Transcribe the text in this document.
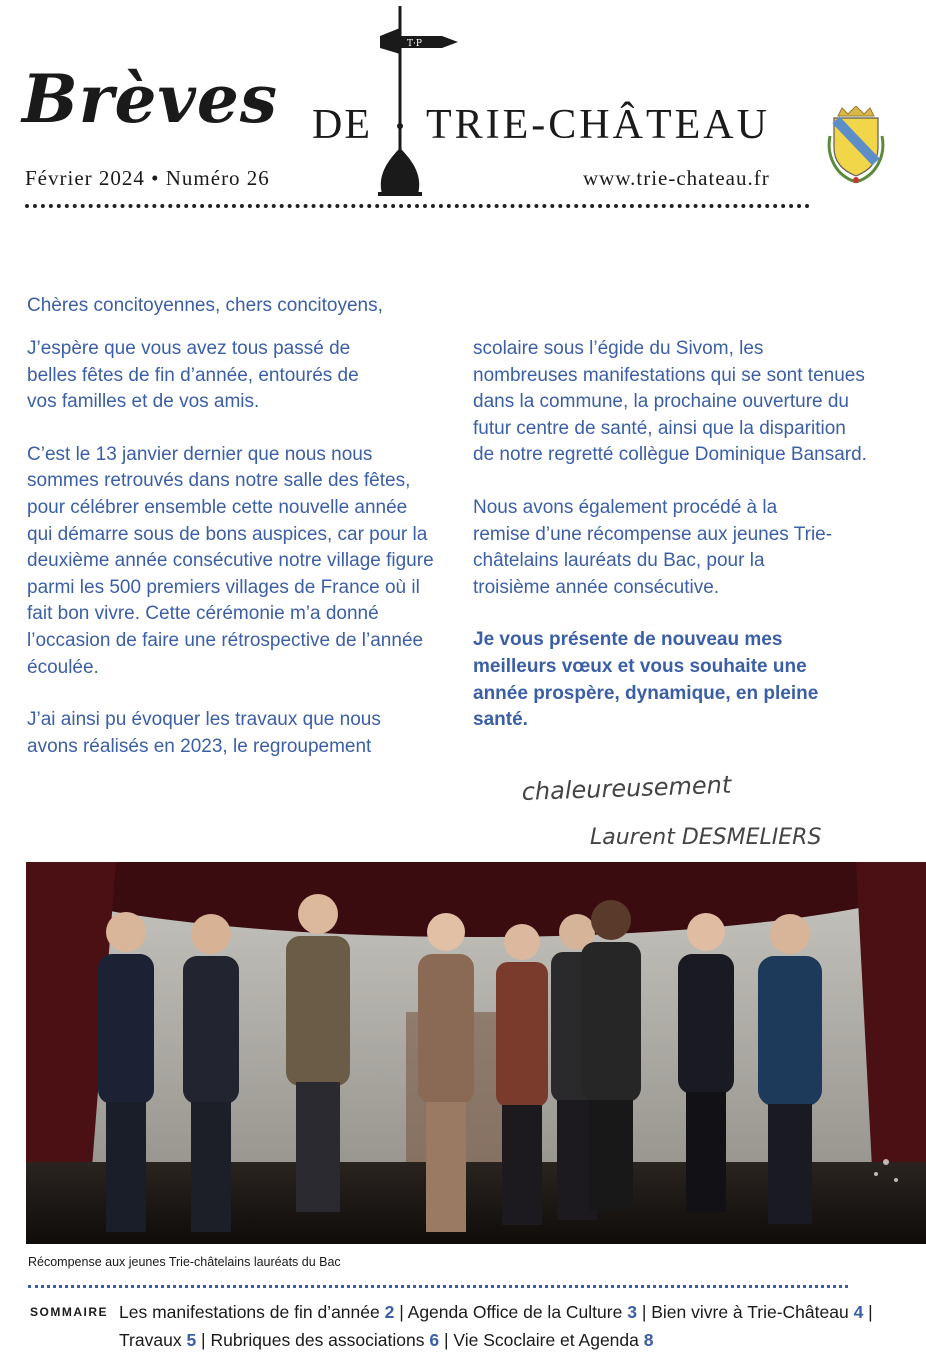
Brèves DE
T·P
TRIE-CHÂTEAU
Février 2024 • Numéro 26	www.trie-chateau.fr

Chères concitoyennes, chers concitoyens,

J’espère que vous avez tous passé de belles fêtes de fin d’année, entourés de vos familles et de vos amis.

C’est le 13 janvier dernier que nous nous sommes retrouvés dans notre salle des fêtes, pour célébrer ensemble cette nouvelle année qui démarre sous de bons auspices, car pour la deuxième année consécutive notre village figure parmi les 500 premiers villages de France où il fait bon vivre. Cette cérémonie m’a donné l’occasion de faire une rétrospective de l’année écoulée.

J’ai ainsi pu évoquer les travaux que nous avons réalisés en 2023, le regroupement

scolaire sous l’égide du Sivom, les nombreuses manifestations qui se sont tenues dans la commune, la prochaine ouverture du futur centre de santé, ainsi que la disparition de notre regretté collègue Dominique Bansard.

Nous avons également procédé à la remise d’une récompense aux jeunes Trie-châtelains lauréats du Bac, pour la troisième année consécutive.

Je vous présente de nouveau mes meilleurs vœux et vous souhaite une année prospère, dynamique, en pleine santé.

chaleureusement
Laurent DESMELIERS
Récompense aux jeunes Trie-châtelains lauréats du Bac
SOMMAIRE Les manifestations de fin d’année 2 | Agenda Office de la Culture 3 | Bien vivre à Trie-Château 4 | Travaux 5 | Rubriques des associations 6 | Vie Scoclaire et Agenda 8
